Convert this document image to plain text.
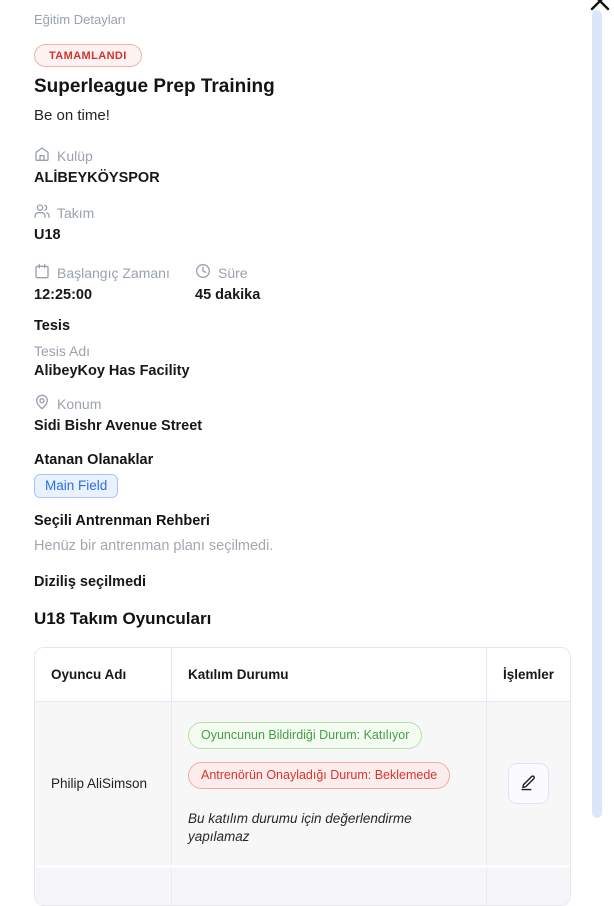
Eğitim Detayları
TAMAMLANDI
Superleague Prep Training
Be on time!
Kulüp
ALİBEYKÖYSPOR
Takım
U18
Başlangıç Zamanı
12:25:00
Süre
45 dakika
Tesis
Tesis Adı
AlibeyKoy Has Facility
Konum
Sidi Bishr Avenue Street
Atanan Olanaklar
Main Field
Seçili Antrenman Rehberi
Henüz bir antrenman planı seçilmedi.
Diziliş seçilmedi
U18 Takım Oyuncuları
Oyuncu Adı	Katılım Durumu	İşlemler
Philip AliSimson
Oyuncunun Bildirdiği Durum: Katılıyor
Antrenörün Onayladığı Durum: Beklemede
Bu katılım durumu için değerlendirme yapılamaz
